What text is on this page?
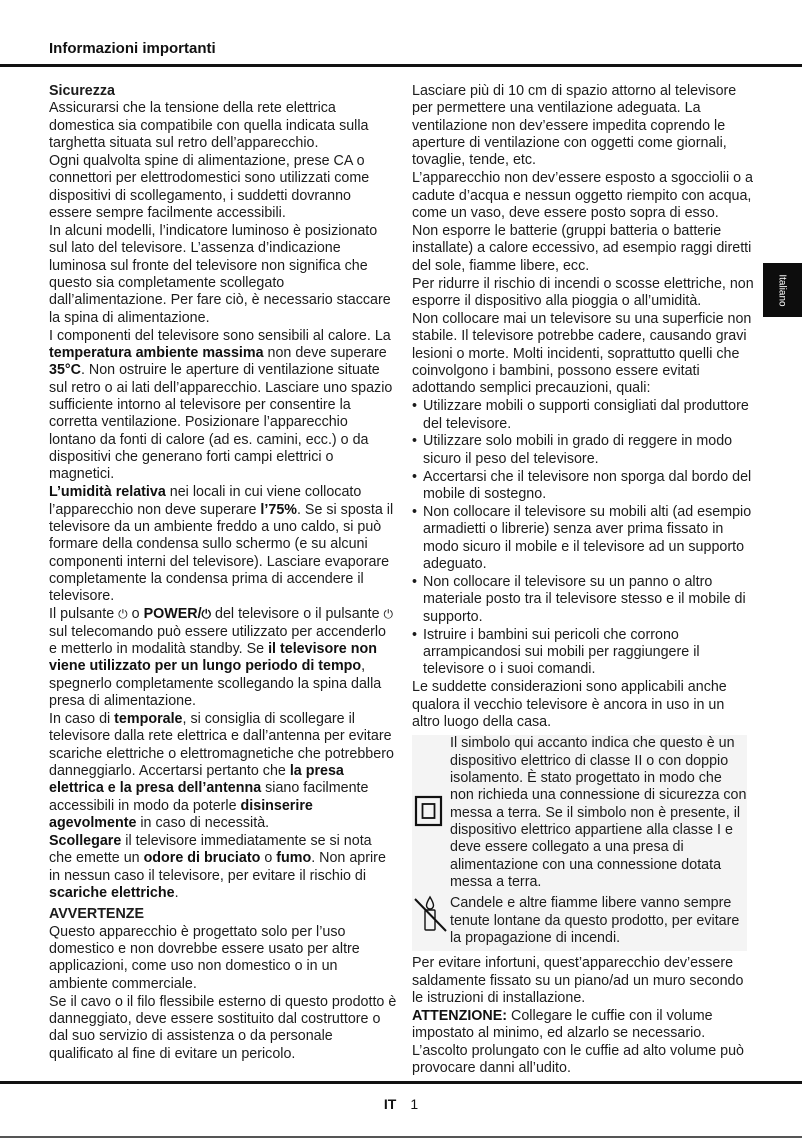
Informazioni importanti
Italiano
Sicurezza

Assicurarsi che la tensione della rete elettrica domestica sia compatibile con quella indicata sulla targhetta situata sul retro dell’apparecchio.

Ogni qualvolta spine di alimentazione, prese CA o connettori per elettrodomestici sono utilizzati come dispositivi di scollegamento, i suddetti dovranno essere sempre facilmente accessibili.

In alcuni modelli, l’indicatore luminoso è posizionato sul lato del televisore. L’assenza d’indicazione luminosa sul fronte del televisore non significa che questo sia completamente scollegato dall’alimentazione. Per fare ciò, è necessario staccare la spina di alimentazione.

I componenti del televisore sono sensibili al calore. La temperatura ambiente massima non deve superare 35°C. Non ostruire le aperture di ventilazione situate sul retro o ai lati dell’apparecchio. Lasciare uno spazio sufficiente intorno al televisore per consentire la corretta ventilazione. Posizionare l’apparecchio lontano da fonti di calore (ad es. camini, ecc.) o da dispositivi che generano forti campi elettrici o magnetici.

L’umidità relativa nei locali in cui viene collocato l’apparecchio non deve superare l’75%. Se si sposta il televisore da un ambiente freddo a uno caldo, si può formare della condensa sullo schermo (e su alcuni componenti interni del televisore). Lasciare evaporare completamente la condensa prima di accendere il televisore.

Il pulsante ⏻ o POWER/⏻ del televisore o il pulsante ⏻ sul telecomando può essere utilizzato per accenderlo e metterlo in modalità standby. Se il televisore non viene utilizzato per un lungo periodo di tempo, spegnerlo completamente scollegando la spina dalla presa di alimentazione.

In caso di temporale, si consiglia di scollegare il televisore dalla rete elettrica e dall’antenna per evitare scariche elettriche o elettromagnetiche che potrebbero danneggiarlo. Accertarsi pertanto che la presa elettrica e la presa dell’antenna siano facilmente accessibili in modo da poterle disinserire agevolmente in caso di necessità.

Scollegare il televisore immediatamente se si nota che emette un odore di bruciato o fumo. Non aprire in nessun caso il televisore, per evitare il rischio di scariche elettriche.

AVVERTENZE

Questo apparecchio è progettato solo per l’uso domestico e non dovrebbe essere usato per altre applicazioni, come uso non domestico o in un ambiente commerciale.

Se il cavo o il filo flessibile esterno di questo prodotto è danneggiato, deve essere sostituito dal costruttore o dal suo servizio di assistenza o da personale qualificato al fine di evitare un pericolo.

Lasciare più di 10 cm di spazio attorno al televisore per permettere una ventilazione adeguata. La ventilazione non dev’essere impedita coprendo le aperture di ventilazione con oggetti come giornali, tovaglie, tende, etc.

L’apparecchio non dev’essere esposto a sgocciolii o a cadute d’acqua e nessun oggetto riempito con acqua, come un vaso, deve essere posto sopra di esso.

Non esporre le batterie (gruppi batteria o batterie installate) a calore eccessivo, ad esempio raggi diretti del sole, fiamme libere, ecc.

Per ridurre il rischio di incendi o scosse elettriche, non esporre il dispositivo alla pioggia o all’umidità.

Non collocare mai un televisore su una superficie non stabile. Il televisore potrebbe cadere, causando gravi lesioni o morte. Molti incidenti, soprattutto quelli che coinvolgono i bambini, possono essere evitati adottando semplici precauzioni, quali:

• Utilizzare mobili o supporti consigliati dal produttore del televisore.
• Utilizzare solo mobili in grado di reggere in modo sicuro il peso del televisore.
• Accertarsi che il televisore non sporga dal bordo del mobile di sostegno.
• Non collocare il televisore su mobili alti (ad esempio armadietti o librerie) senza aver prima fissato in modo sicuro il mobile e il televisore ad un supporto adeguato.
• Non collocare il televisore su un panno o altro materiale posto tra il televisore stesso e il mobile di supporto.
• Istruire i bambini sui pericoli che corrono arrampicandosi sui mobili per raggiungere il televisore o i suoi comandi.

Le suddette considerazioni sono applicabili anche qualora il vecchio televisore è ancora in uso in un altro luogo della casa.

Il simbolo qui accanto indica che questo è un dispositivo elettrico di classe II o con doppio isolamento. È stato progettato in modo che non richieda una connessione di sicurezza con messa a terra. Se il simbolo non è presente, il dispositivo elettrico appartiene alla classe I e deve essere collegato a una presa di alimentazione con una connessione dotata messa a terra.
Candele e altre fiamme libere vanno sempre tenute lontane da questo prodotto, per evitare la propagazione di incendi.

Per evitare infortuni, quest’apparecchio dev’essere saldamente fissato su un piano/ad un muro secondo le istruzioni di installazione.

ATTENZIONE: Collegare le cuffie con il volume impostato al minimo, ed alzarlo se necessario. L’ascolto prolungato con le cuffie ad alto volume può provocare danni all’udito.

IT 1
